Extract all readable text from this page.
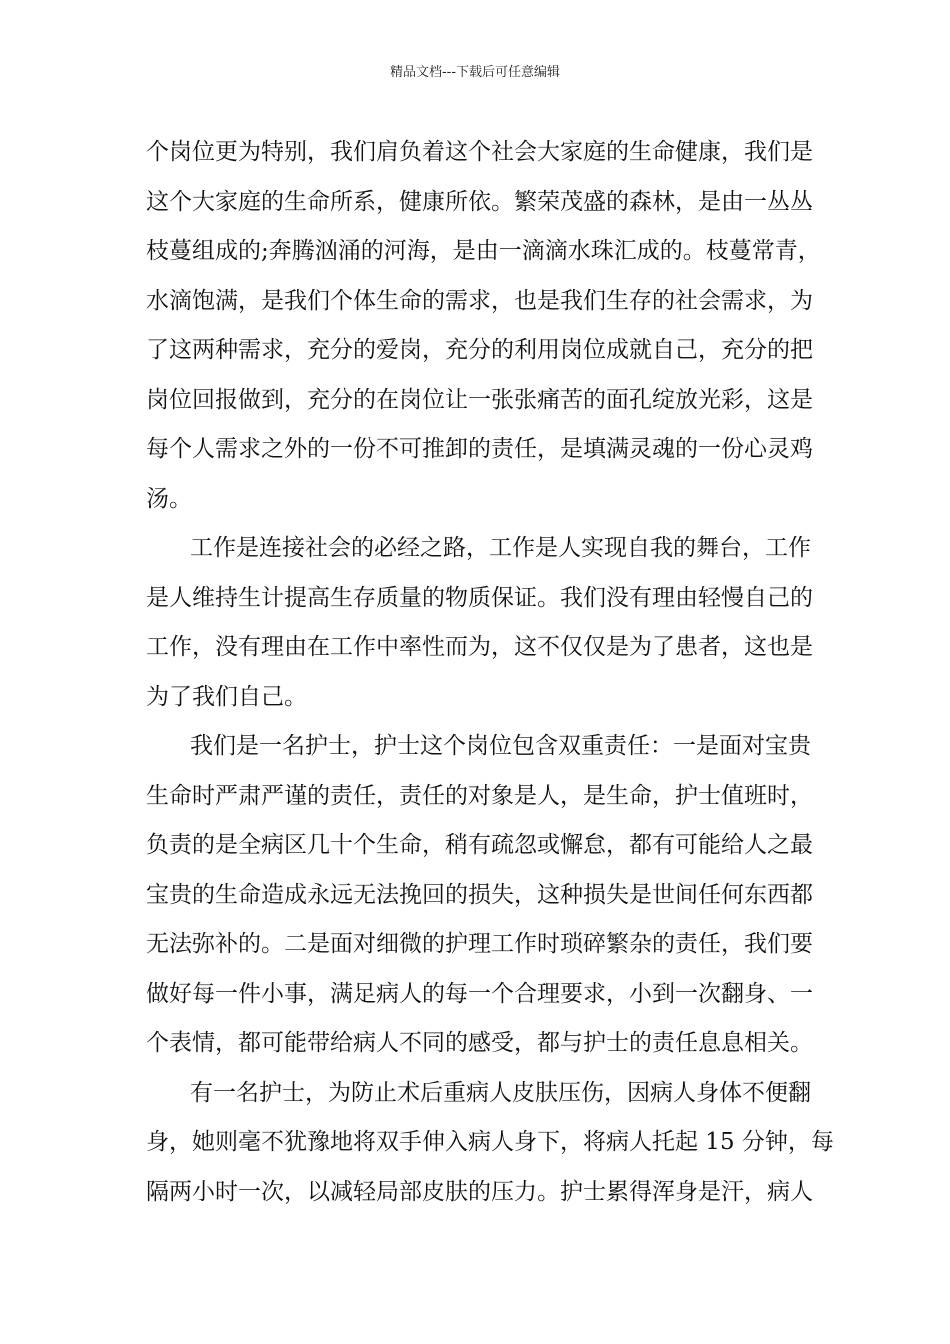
精品文档---下载后可任意编辑
个岗位更为特别，我们肩负着这个社会大家庭的生命健康，我们是
这个大家庭的生命所系，健康所依。繁荣茂盛的森林，是由一丛丛
枝蔓组成的;奔腾汹涌的河海，是由一滴滴水珠汇成的。枝蔓常青，
水滴饱满，是我们个体生命的需求，也是我们生存的社会需求，为
了这两种需求，充分的爱岗，充分的利用岗位成就自己，充分的把
岗位回报做到，充分的在岗位让一张张痛苦的面孔绽放光彩，这是
每个人需求之外的一份不可推卸的责任，是填满灵魂的一份心灵鸡
汤。
工作是连接社会的必经之路，工作是人实现自我的舞台，工作
是人维持生计提高生存质量的物质保证。我们没有理由轻慢自己的
工作，没有理由在工作中率性而为，这不仅仅是为了患者，这也是
为了我们自己。
我们是一名护士，护士这个岗位包含双重责任：一是面对宝贵
生命时严肃严谨的责任，责任的对象是人，是生命，护士值班时，
负责的是全病区几十个生命，稍有疏忽或懈怠，都有可能给人之最
宝贵的生命造成永远无法挽回的损失，这种损失是世间任何东西都
无法弥补的。二是面对细微的护理工作时琐碎繁杂的责任，我们要
做好每一件小事，满足病人的每一个合理要求，小到一次翻身、一
个表情，都可能带给病人不同的感受，都与护士的责任息息相关。
有一名护士，为防止术后重病人皮肤压伤，因病人身体不便翻
身，她则毫不犹豫地将双手伸入病人身下，将病人托起 15 分钟，每
隔两小时一次，以减轻局部皮肤的压力。护士累得浑身是汗，病人
